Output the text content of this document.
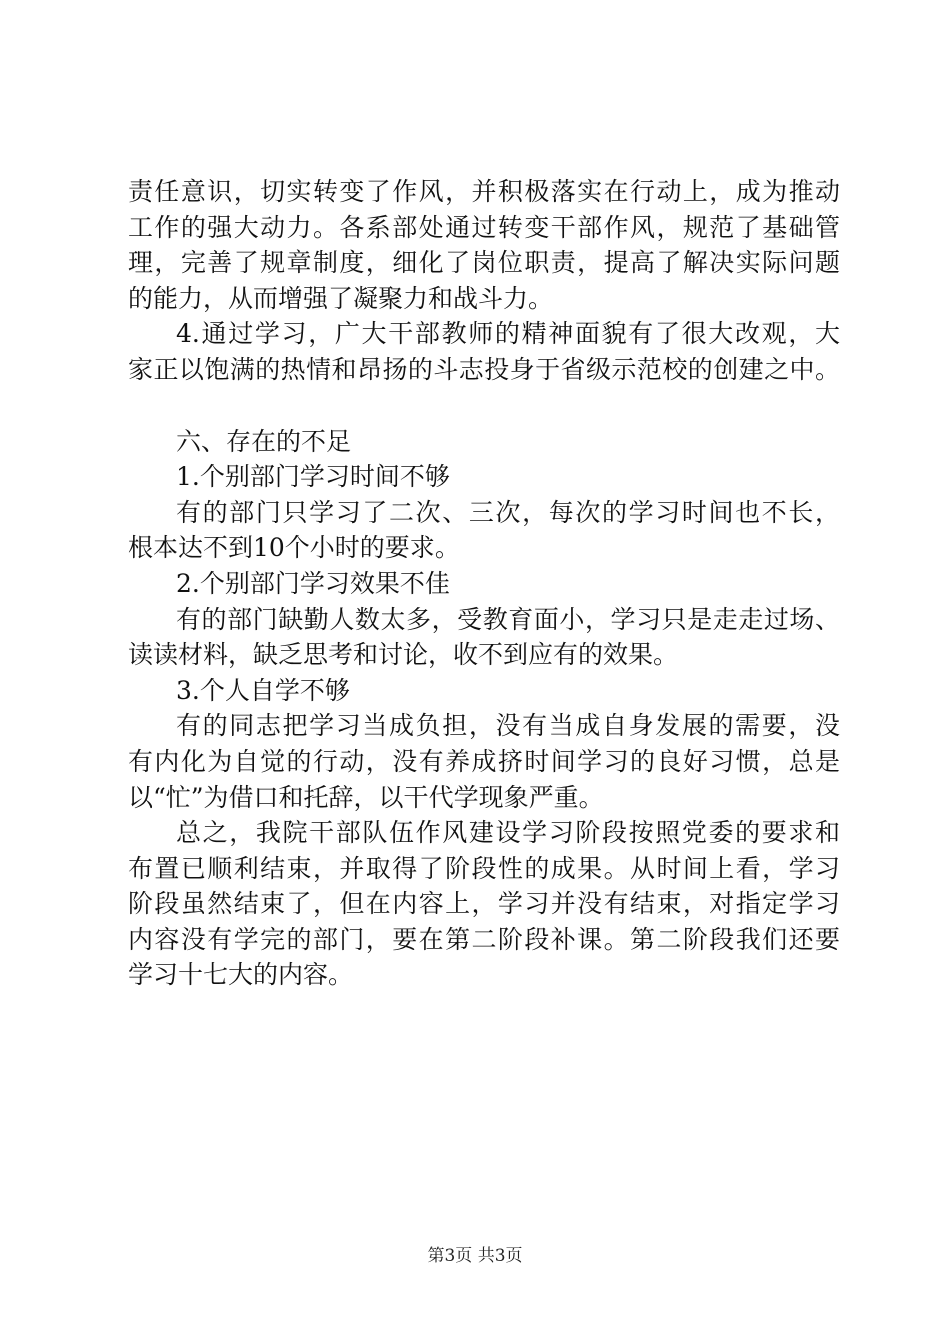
责任意识，切实转变了作风，并积极落实在行动上，成为推动
工作的强大动力。各系部处通过转变干部作风，规范了基础管
理，完善了规章制度，细化了岗位职责，提高了解决实际问题
的能力，从而增强了凝聚力和战斗力。
4.通过学习，广大干部教师的精神面貌有了很大改观，大
家正以饱满的热情和昂扬的斗志投身于省级示范校的创建之中。
六、存在的不足
1.个别部门学习时间不够
有的部门只学习了二次、三次，每次的学习时间也不长，
根本达不到10个小时的要求。
2.个别部门学习效果不佳
有的部门缺勤人数太多，受教育面小，学习只是走走过场、
读读材料，缺乏思考和讨论，收不到应有的效果。
3.个人自学不够
有的同志把学习当成负担，没有当成自身发展的需要，没
有内化为自觉的行动，没有养成挤时间学习的良好习惯，总是
以“忙”为借口和托辞，以干代学现象严重。
总之，我院干部队伍作风建设学习阶段按照党委的要求和
布置已顺利结束，并取得了阶段性的成果。从时间上看，学习
阶段虽然结束了，但在内容上，学习并没有结束，对指定学习
内容没有学完的部门，要在第二阶段补课。第二阶段我们还要
学习十七大的内容。
第3页 共3页
